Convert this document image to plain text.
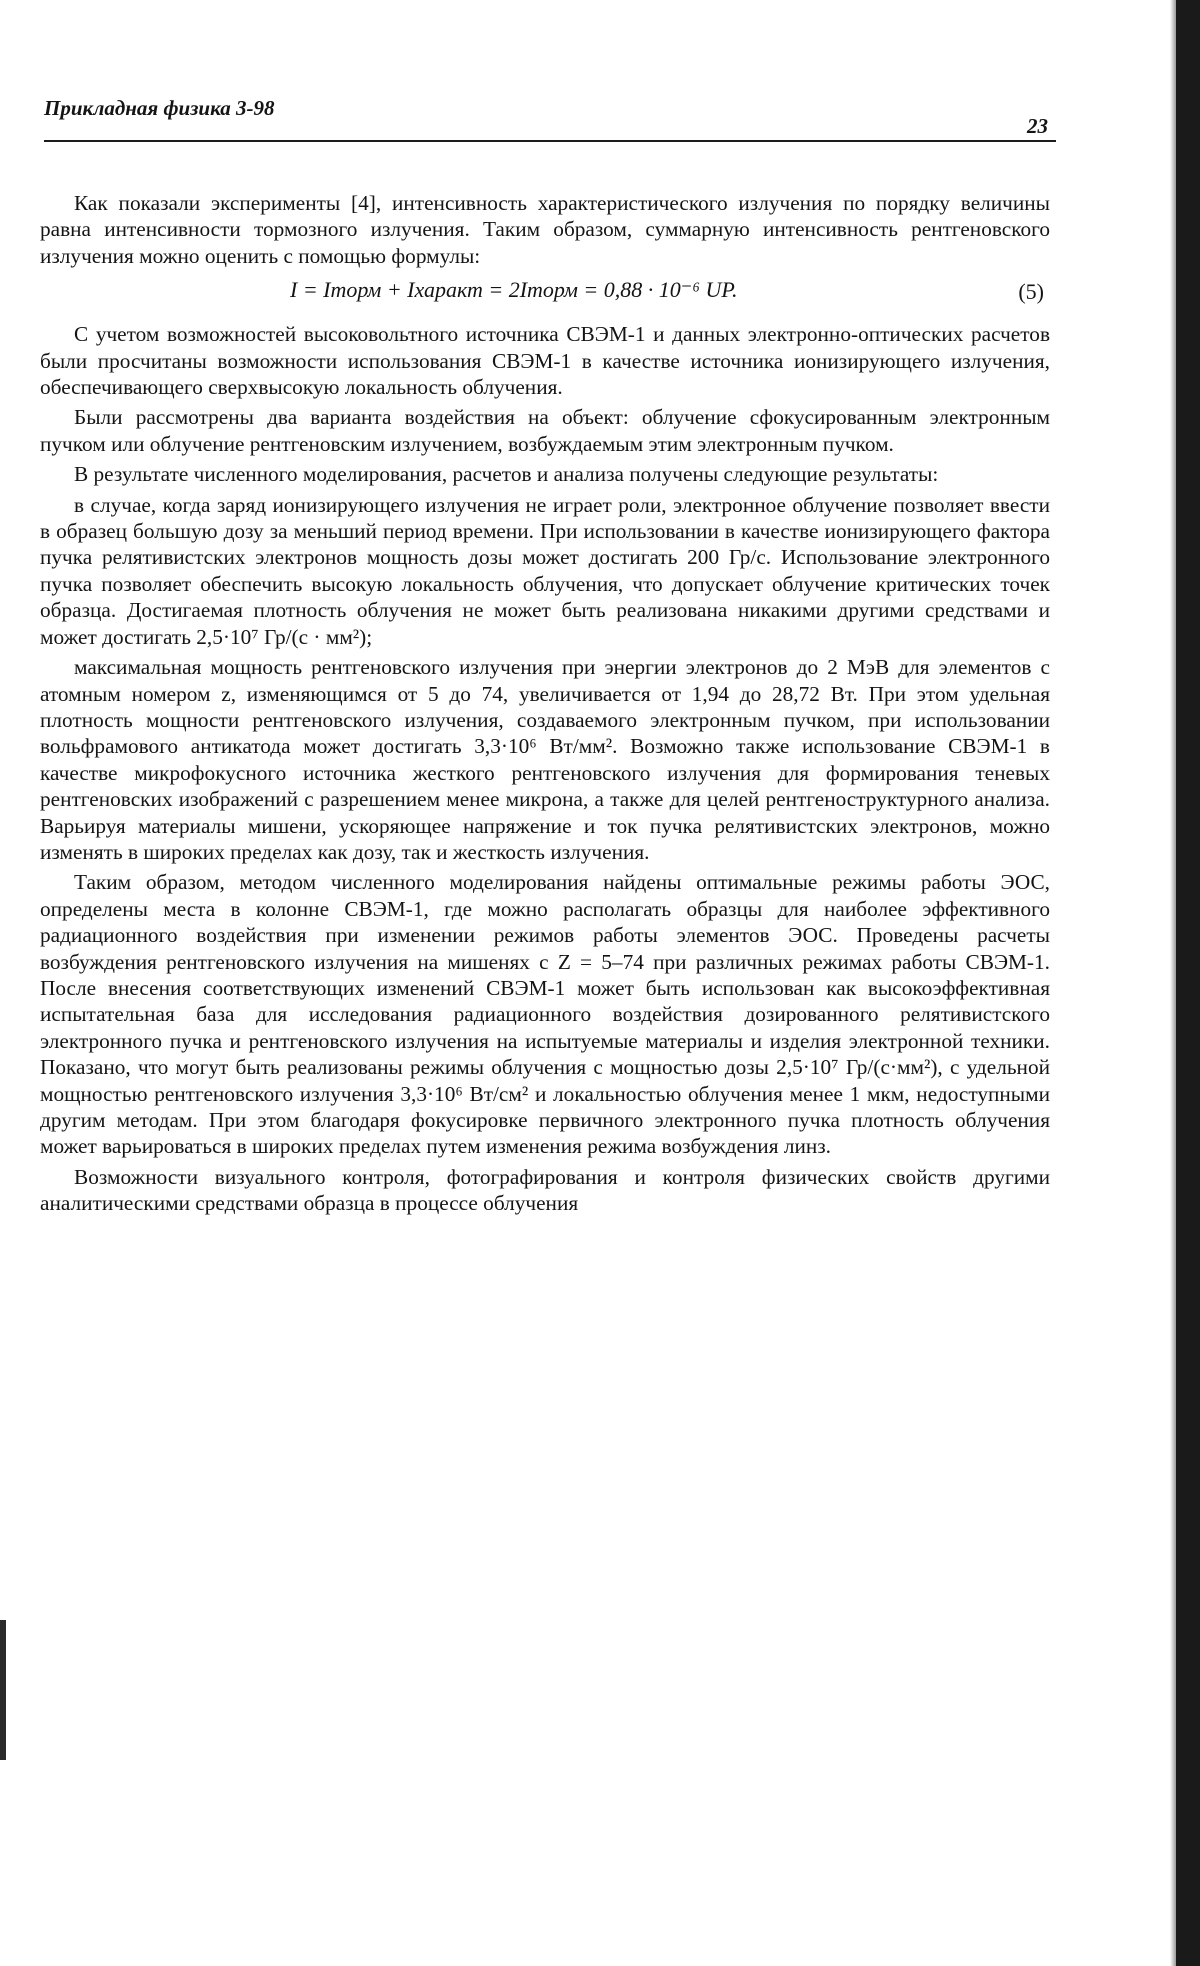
Прикладная физика 3-98
23

Как показали эксперименты [4], интенсивность характеристического излучения по порядку величины равна интенсивности тормозного излучения. Таким образом, суммарную интенсивность рентгеновского излучения можно оценить с помощью формулы:

I = Iторм + Iхаракт = 2Iторм = 0,88 · 10⁻⁶ UP.	(5)

С учетом возможностей высоковольтного источника СВЭМ-1 и данных электронно-оптических расчетов были просчитаны возможности использования СВЭМ-1 в качестве источника ионизирующего излучения, обеспечивающего сверхвысокую локальность облучения.

Были рассмотрены два варианта воздействия на объект: облучение сфокусированным электронным пучком или облучение рентгеновским излучением, возбуждаемым этим электронным пучком.

В результате численного моделирования, расчетов и анализа получены следующие результаты:

в случае, когда заряд ионизирующего излучения не играет роли, электронное облучение позволяет ввести в образец большую дозу за меньший период времени. При использовании в качестве ионизирующего фактора пучка релятивистских электронов мощность дозы может достигать 200 Гр/с. Использование электронного пучка позволяет обеспечить высокую локальность облучения, что допускает облучение критических точек образца. Достигаемая плотность облучения не может быть реализована никакими другими средствами и может достигать 2,5·10⁷ Гр/(с · мм²);

максимальная мощность рентгеновского излучения при энергии электронов до 2 МэВ для элементов с атомным номером z, изменяющимся от 5 до 74, увеличивается от 1,94 до 28,72 Вт. При этом удельная плотность мощности рентгеновского излучения, создаваемого электронным пучком, при использовании вольфрамового антикатода может достигать 3,3·10⁶ Вт/мм². Возможно также использование СВЭМ-1 в качестве микрофокусного источника жесткого рентгеновского излучения для формирования теневых рентгеновских изображений с разрешением менее микрона, а также для целей рентгеноструктурного анализа. Варьируя материалы мишени, ускоряющее напряжение и ток пучка релятивистских электронов, можно изменять в широких пределах как дозу, так и жесткость излучения.

Таким образом, методом численного моделирования найдены оптимальные режимы работы ЭОС, определены места в колонне СВЭМ-1, где можно располагать образцы для наиболее эффективного радиационного воздействия при изменении режимов работы элементов ЭОС. Проведены расчеты возбуждения рентгеновского излучения на мишенях с Z = 5–74 при различных режимах работы СВЭМ-1. После внесения соответствующих изменений СВЭМ-1 может быть использован как высокоэффективная испытательная база для исследования радиационного воздействия дозированного релятивистского электронного пучка и рентгеновского излучения на испытуемые материалы и изделия электронной техники. Показано, что могут быть реализованы режимы облучения с мощностью дозы 2,5·10⁷ Гр/(с·мм²), с удельной мощностью рентгеновского излучения 3,3·10⁶ Вт/см² и локальностью облучения менее 1 мкм, недоступными другим методам. При этом благодаря фокусировке первичного электронного пучка плотность облучения может варьироваться в широких пределах путем изменения режима возбуждения линз.

Возможности визуального контроля, фотографирования и контроля физических свойств другими аналитическими средствами образца в процессе облучения
